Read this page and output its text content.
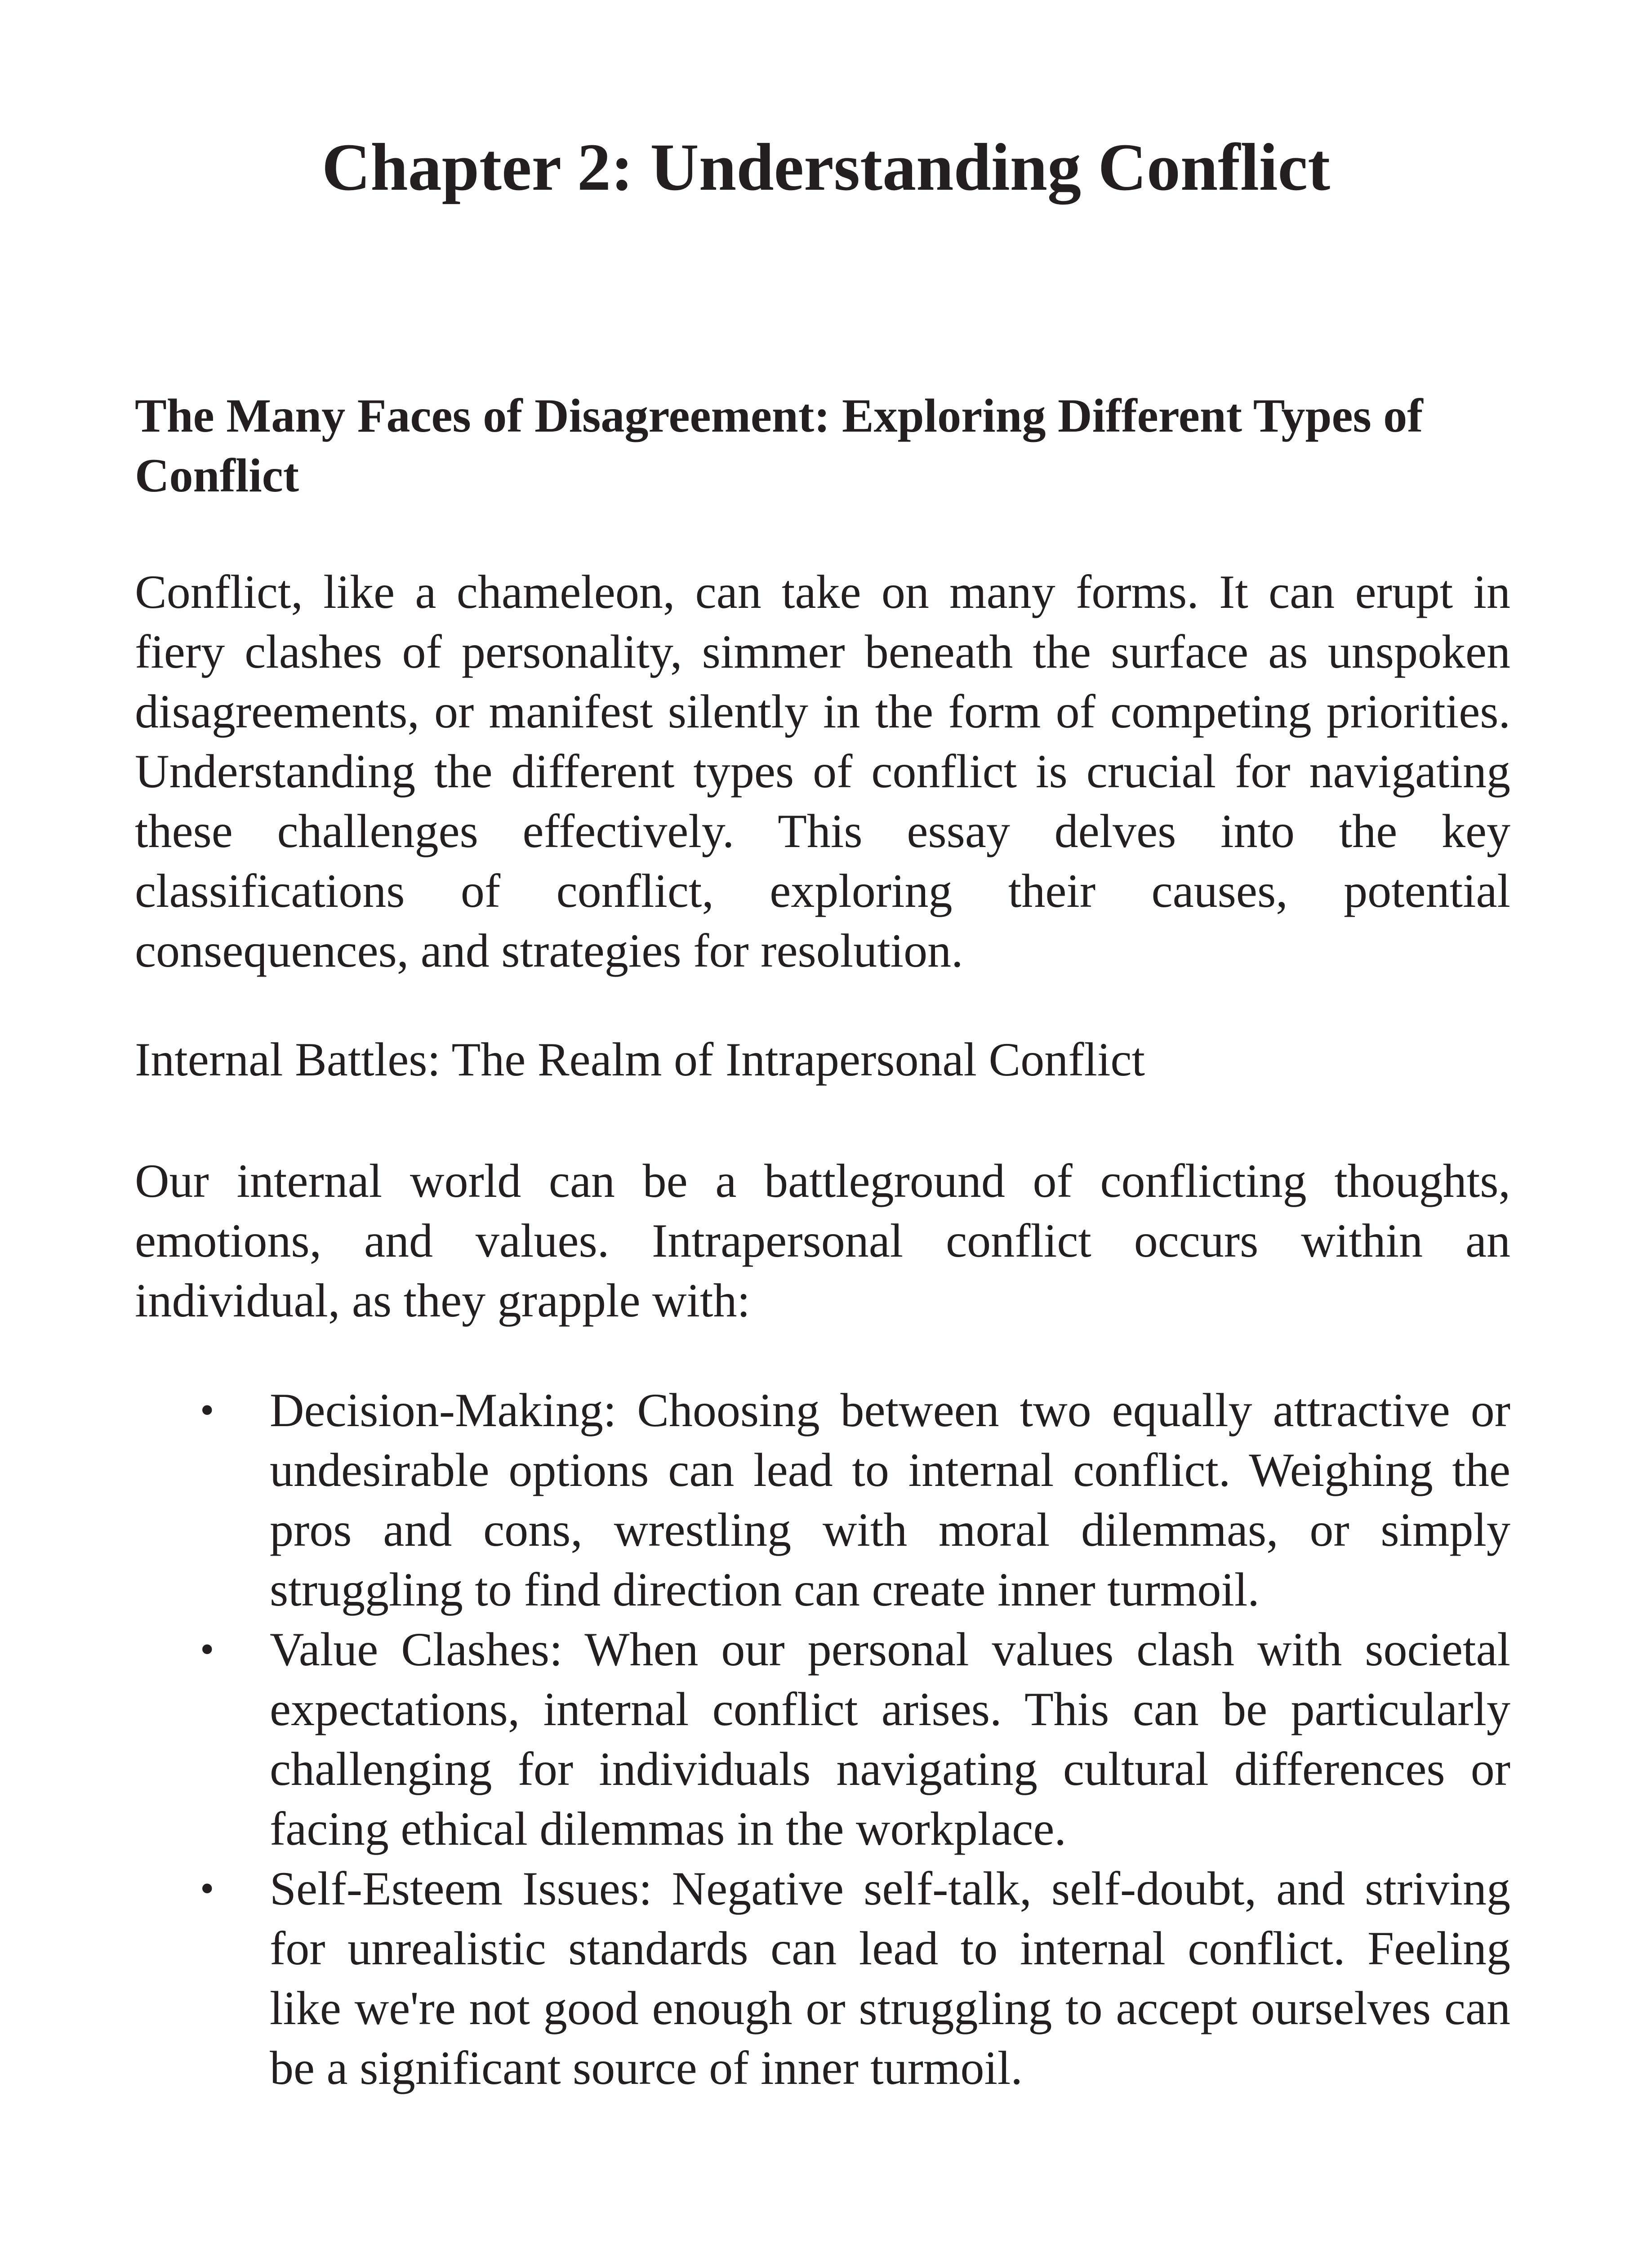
Chapter 2: Understanding Conflict
The Many Faces of Disagreement: Exploring Different Types of Conflict

Conflict, like a chameleon, can take on many forms. It can erupt in fiery clashes of personality, simmer beneath the surface as unspoken disagreements, or manifest silently in the form of competing priorities. Understanding the different types of conflict is crucial for navigating these challenges effectively. This essay delves into the key classifications of conflict, exploring their causes, potential consequences, and strategies for resolution.

Internal Battles: The Realm of Intrapersonal Conflict

Our internal world can be a battleground of conflicting thoughts, emotions, and values. Intrapersonal conflict occurs within an individual, as they grapple with:

• Decision-Making: Choosing between two equally attractive or undesirable options can lead to internal conflict. Weighing the pros and cons, wrestling with moral dilemmas, or simply struggling to find direction can create inner turmoil.
• Value Clashes: When our personal values clash with societal expectations, internal conflict arises. This can be particularly challenging for individuals navigating cultural differences or facing ethical dilemmas in the workplace.
• Self-Esteem Issues: Negative self-talk, self-doubt, and striving for unrealistic standards can lead to internal conflict. Feeling like we're not good enough or struggling to accept ourselves can be a significant source of inner turmoil.
